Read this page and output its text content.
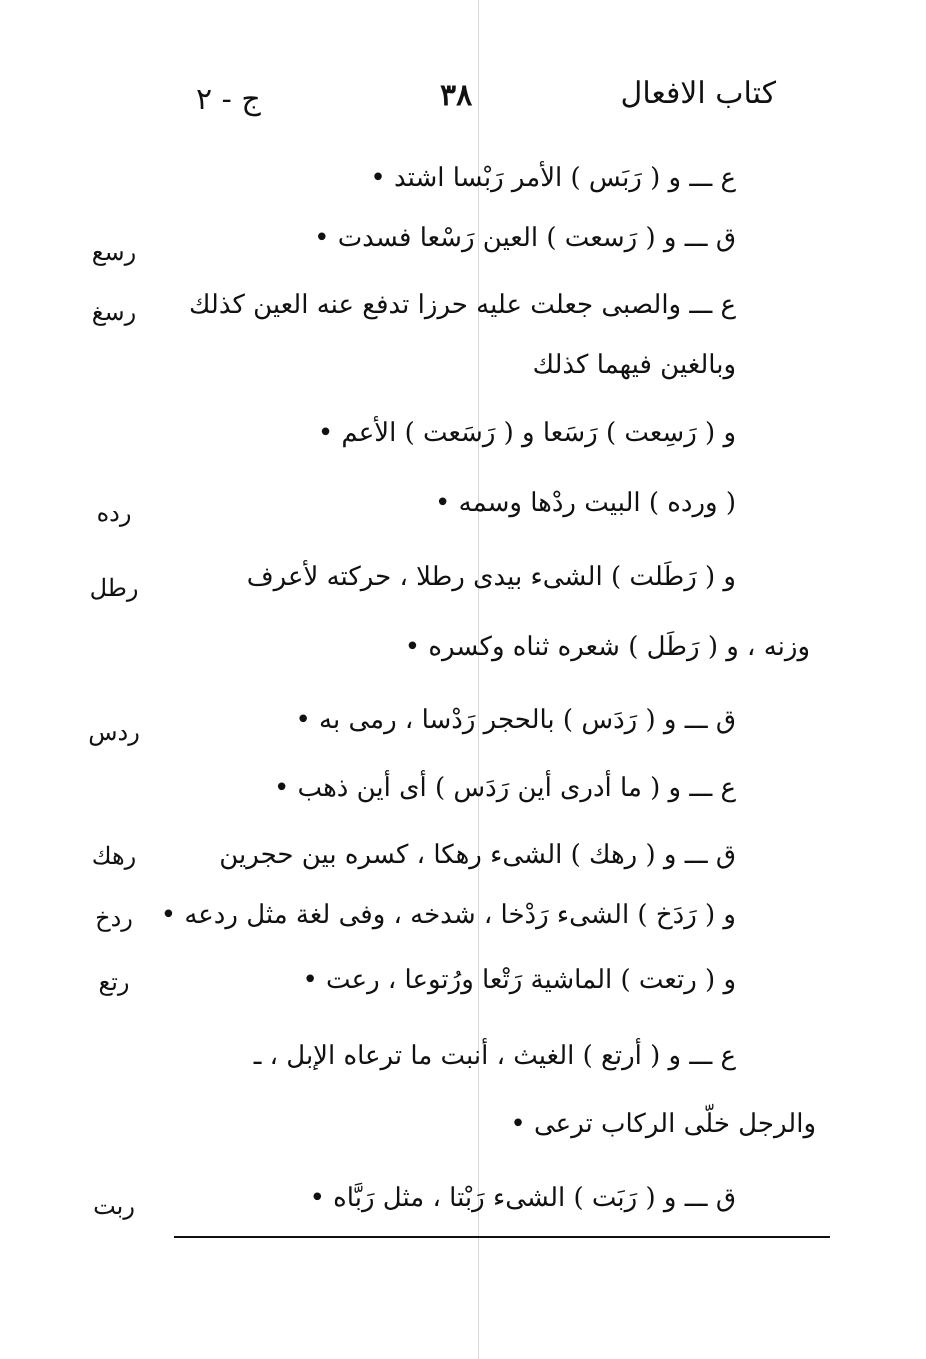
كتاب الافعال
٣٨
ج - ٢
ع ـــ و ( رَبَس ) الأمر رَبْسا اشتد •
ق ـــ و ( رَسعت ) العين رَسْعا فسدت •
ع ـــ والصبى جعلت عليه حرزا تدفع عنه العين كذلك
وبالغين فيهما كذلك
و ( رَسِعت ) رَسَعا و ( رَسَعت ) الأعم •
( ورده ) البيت ردْها وسمه •
و ( رَطَلت ) الشىء بيدى رطلا ، حركته لأعرف
وزنه ، و ( رَطَل ) شعره ثناه وكسره •
ق ـــ و ( رَدَس ) بالحجر رَدْسا ، رمى به •
ع ـــ و ( ما أدرى أين رَدَس ) أى أين ذهب •
ق ـــ و ( رهك ) الشىء رهكا ، كسره بين حجرين
و ( رَدَخ ) الشىء رَدْخا ، شدخه ، وفى لغة مثل ردعه •
و ( رتعت ) الماشية رَتْعا ورُتوعا ، رعت •
ع ـــ و ( أرتع ) الغيث ، أنبت ما ترعاه الإبل ، ـ
والرجل خلّى الركاب ترعى •
ق ـــ و ( رَبَت ) الشىء رَبْتا ، مثل رَبَّاه •
رسع
رسغ
رده
رطل
ردس
رهك
ردخ
رتع
ربت
